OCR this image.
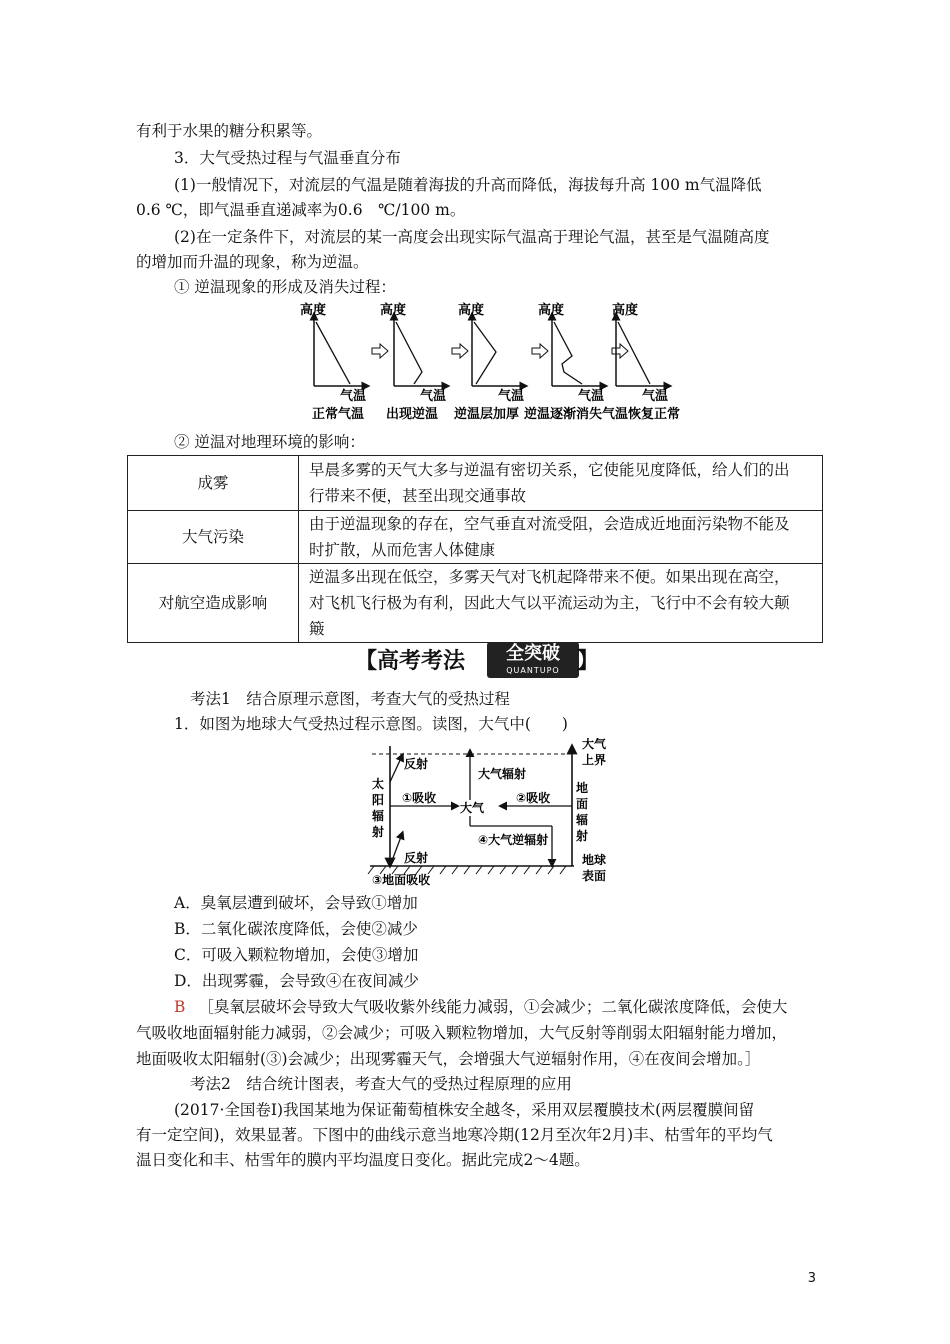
有利于水果的糖分积累等。
3．大气受热过程与气温垂直分布
(1)一般情况下，对流层的气温是随着海拔的升高而降低，海拔每升高 100 m气温降低
0.6 ℃，即气温垂直递减率为0.6　℃/100 m。
(2)在一定条件下，对流层的某一高度会出现实际气温高于理论气温，甚至是气温随高度
的增加而升温的现象，称为逆温。
① 逆温现象的形成及消失过程：
高度
气温
正常气温
高度
气温
出现逆温
高度
气温
逆温层加厚
高度
气温
逆温逐渐消失
高度
气温
气温恢复正常
② 逆温对地理环境的影响：
成雾	早晨多雾的天气大多与逆温有密切关系，它使能见度降低，给人们的出
行带来不便，甚至出现交通事故

大气污染	由于逆温现象的存在，空气垂直对流受阻，会造成近地面污染物不能及
时扩散，从而危害人体健康

对航空造成影响	逆温多出现在低空，多雾天气对飞机起降带来不便。如果出现在高空，
对飞机飞行极为有利，因此大气以平流运动为主，飞行中不会有较大颠
簸
【高考考法	全突破
QUANTUPO 】
考法1　结合原理示意图，考查大气的受热过程
1．如图为地球大气受热过程示意图。读图，大气中(　　)
太
阳
辐
射
地
面
辐
射
大气
上界
地球
表面
反射
反射
大气辐射
①吸收	②吸收
大气
④大气逆辐射
③地面吸收
A．臭氧层遭到破坏，会导致①增加
B．二氧化碳浓度降低，会使②减少
C．可吸入颗粒物增加，会使③增加
D．出现雾霾，会导致④在夜间减少
B ［臭氧层破坏会导致大气吸收紫外线能力减弱，①会减少；二氧化碳浓度降低，会使大
气吸收地面辐射能力减弱，②会减少；可吸入颗粒物增加，大气反射等削弱太阳辐射能力增加，
地面吸收太阳辐射(③)会减少；出现雾霾天气，会增强大气逆辐射作用，④在夜间会增加。］
考法2　结合统计图表，考查大气的受热过程原理的应用
(2017·全国卷Ⅰ)我国某地为保证葡萄植株安全越冬，采用双层覆膜技术(两层覆膜间留
有一定空间)，效果显著。下图中的曲线示意当地寒冷期(12月至次年2月)丰、枯雪年的平均气
温日变化和丰、枯雪年的膜内平均温度日变化。据此完成2～4题。
3
